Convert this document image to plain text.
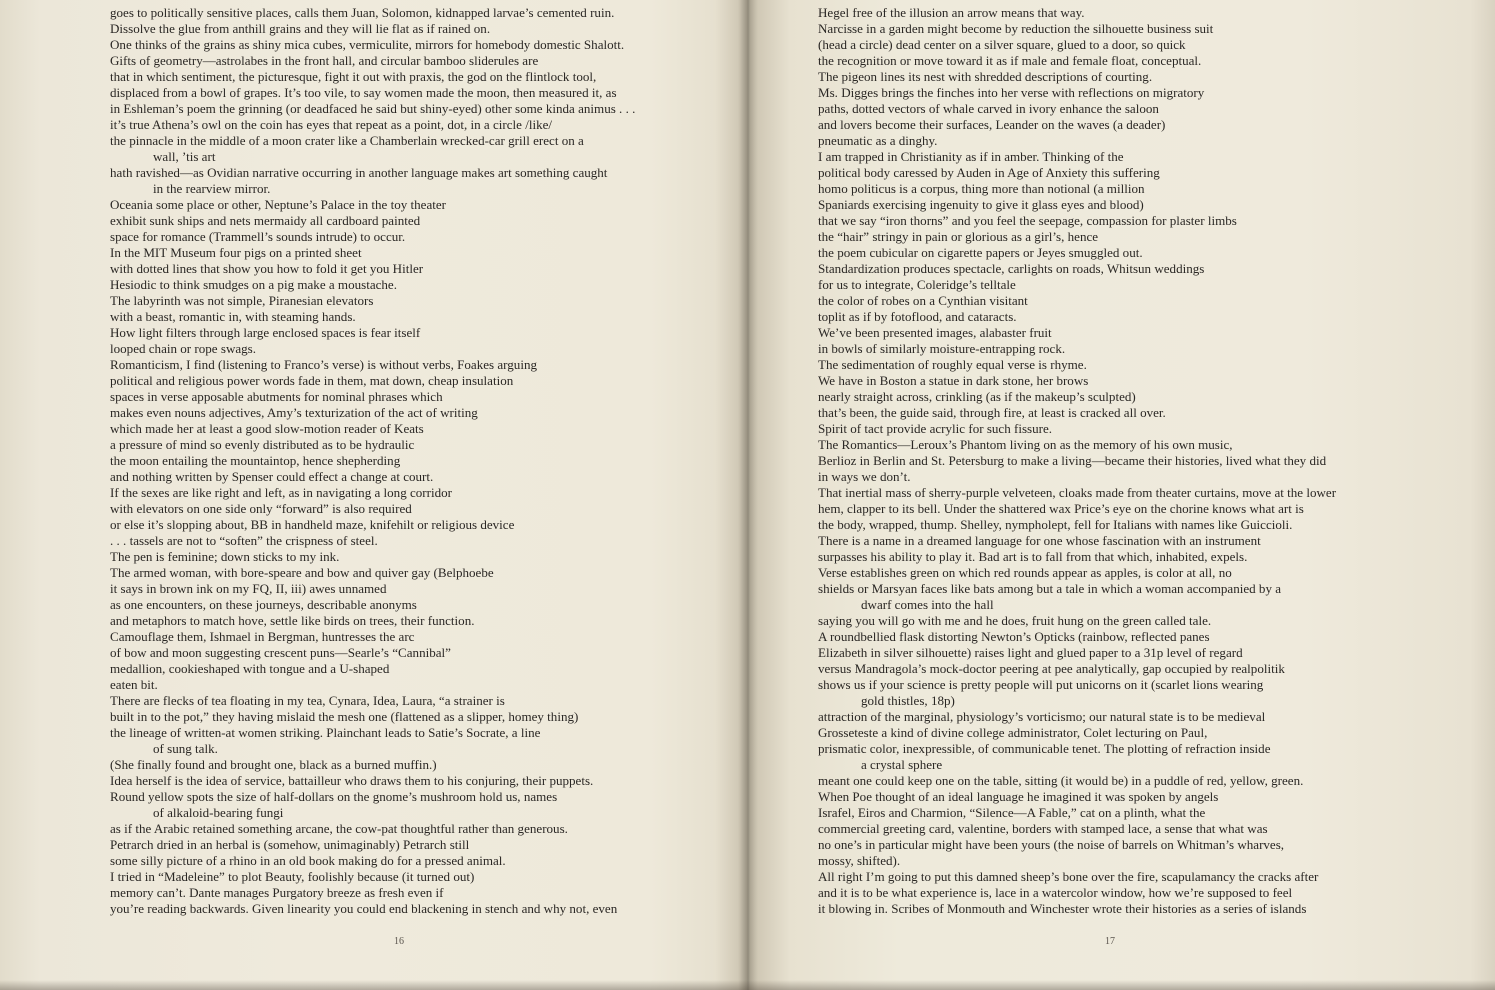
goes to politically sensitive places, calls them Juan, Solomon, kidnapped larvae’s cemented ruin.
Dissolve the glue from anthill grains and they will lie flat as if rained on.
One thinks of the grains as shiny mica cubes, vermiculite, mirrors for homebody domestic Shalott.
Gifts of geometry—astrolabes in the front hall, and circular bamboo sliderules are
that in which sentiment, the picturesque, fight it out with praxis, the god on the flintlock tool,
displaced from a bowl of grapes. It’s too vile, to say women made the moon, then measured it, as
in Eshleman’s poem the grinning (or deadfaced he said but shiny-eyed) other some kinda animus . . .
it’s true Athena’s owl on the coin has eyes that repeat as a point, dot, in a circle /like/
the pinnacle in the middle of a moon crater like a Chamberlain wrecked-car grill erect on a
wall, ’tis art
hath ravished—as Ovidian narrative occurring in another language makes art something caught
in the rearview mirror.
Oceania some place or other, Neptune’s Palace in the toy theater
exhibit sunk ships and nets mermaidy all cardboard painted
space for romance (Trammell’s sounds intrude) to occur.
In the MIT Museum four pigs on a printed sheet
with dotted lines that show you how to fold it get you Hitler
Hesiodic to think smudges on a pig make a moustache.
The labyrinth was not simple, Piranesian elevators
with a beast, romantic in, with steaming hands.
How light filters through large enclosed spaces is fear itself
looped chain or rope swags.
Romanticism, I find (listening to Franco’s verse) is without verbs, Foakes arguing
political and religious power words fade in them, mat down, cheap insulation
spaces in verse apposable abutments for nominal phrases which
makes even nouns adjectives, Amy’s texturization of the act of writing
which made her at least a good slow-motion reader of Keats
a pressure of mind so evenly distributed as to be hydraulic
the moon entailing the mountaintop, hence shepherding
and nothing written by Spenser could effect a change at court.
If the sexes are like right and left, as in navigating a long corridor
with elevators on one side only “forward” is also required
or else it’s slopping about, BB in handheld maze, knifehilt or religious device
. . . tassels are not to “soften” the crispness of steel.
The pen is feminine; down sticks to my ink.
The armed woman, with bore-speare and bow and quiver gay (Belphoebe
it says in brown ink on my FQ, II, iii) awes unnamed
as one encounters, on these journeys, describable anonyms
and metaphors to match hove, settle like birds on trees, their function.
Camouflage them, Ishmael in Bergman, huntresses the arc
of bow and moon suggesting crescent puns—Searle’s “Cannibal”
medallion, cookieshaped with tongue and a U-shaped
eaten bit.
There are flecks of tea floating in my tea, Cynara, Idea, Laura, “a strainer is
built in to the pot,” they having mislaid the mesh one (flattened as a slipper, homey thing)
the lineage of written-at women striking. Plainchant leads to Satie’s Socrate, a line
of sung talk.
(She finally found and brought one, black as a burned muffin.)
Idea herself is the idea of service, battailleur who draws them to his conjuring, their puppets.
Round yellow spots the size of half-dollars on the gnome’s mushroom hold us, names
of alkaloid-bearing fungi
as if the Arabic retained something arcane, the cow-pat thoughtful rather than generous.
Petrarch dried in an herbal is (somehow, unimaginably) Petrarch still
some silly picture of a rhino in an old book making do for a pressed animal.
I tried in “Madeleine” to plot Beauty, foolishly because (it turned out)
memory can’t. Dante manages Purgatory breeze as fresh even if
you’re reading backwards. Given linearity you could end blackening in stench and why not, even
16
Hegel free of the illusion an arrow means that way.
Narcisse in a garden might become by reduction the silhouette business suit
(head a circle) dead center on a silver square, glued to a door, so quick
the recognition or move toward it as if male and female float, conceptual.
The pigeon lines its nest with shredded descriptions of courting.
Ms. Digges brings the finches into her verse with reflections on migratory
paths, dotted vectors of whale carved in ivory enhance the saloon
and lovers become their surfaces, Leander on the waves (a deader)
pneumatic as a dinghy.
I am trapped in Christianity as if in amber. Thinking of the
political body caressed by Auden in Age of Anxiety this suffering
homo politicus is a corpus, thing more than notional (a million
Spaniards exercising ingenuity to give it glass eyes and blood)
that we say “iron thorns” and you feel the seepage, compassion for plaster limbs
the “hair” stringy in pain or glorious as a girl’s, hence
the poem cubicular on cigarette papers or Jeyes smuggled out.
Standardization produces spectacle, carlights on roads, Whitsun weddings
for us to integrate, Coleridge’s telltale
the color of robes on a Cynthian visitant
toplit as if by fotoflood, and cataracts.
We’ve been presented images, alabaster fruit
in bowls of similarly moisture-entrapping rock.
The sedimentation of roughly equal verse is rhyme.
We have in Boston a statue in dark stone, her brows
nearly straight across, crinkling (as if the makeup’s sculpted)
that’s been, the guide said, through fire, at least is cracked all over.
Spirit of tact provide acrylic for such fissure.
The Romantics—Leroux’s Phantom living on as the memory of his own music,
Berlioz in Berlin and St. Petersburg to make a living—became their histories, lived what they did
in ways we don’t.
That inertial mass of sherry-purple velveteen, cloaks made from theater curtains, move at the lower
hem, clapper to its bell. Under the shattered wax Price’s eye on the chorine knows what art is
the body, wrapped, thump. Shelley, nympholept, fell for Italians with names like Guiccioli.
There is a name in a dreamed language for one whose fascination with an instrument
surpasses his ability to play it. Bad art is to fall from that which, inhabited, expels.
Verse establishes green on which red rounds appear as apples, is color at all, no
shields or Marsyan faces like bats among but a tale in which a woman accompanied by a
dwarf comes into the hall
saying you will go with me and he does, fruit hung on the green called tale.
A roundbellied flask distorting Newton’s Opticks (rainbow, reflected panes
Elizabeth in silver silhouette) raises light and glued paper to a 31p level of regard
versus Mandragola’s mock-doctor peering at pee analytically, gap occupied by realpolitik
shows us if your science is pretty people will put unicorns on it (scarlet lions wearing
gold thistles, 18p)
attraction of the marginal, physiology’s vorticismo; our natural state is to be medieval
Grosseteste a kind of divine college administrator, Colet lecturing on Paul,
prismatic color, inexpressible, of communicable tenet. The plotting of refraction inside
a crystal sphere
meant one could keep one on the table, sitting (it would be) in a puddle of red, yellow, green.
When Poe thought of an ideal language he imagined it was spoken by angels
Israfel, Eiros and Charmion, “Silence—A Fable,” cat on a plinth, what the
commercial greeting card, valentine, borders with stamped lace, a sense that what was
no one’s in particular might have been yours (the noise of barrels on Whitman’s wharves,
mossy, shifted).
All right I’m going to put this damned sheep’s bone over the fire, scapulamancy the cracks after
and it is to be what experience is, lace in a watercolor window, how we’re supposed to feel
it blowing in. Scribes of Monmouth and Winchester wrote their histories as a series of islands
17
